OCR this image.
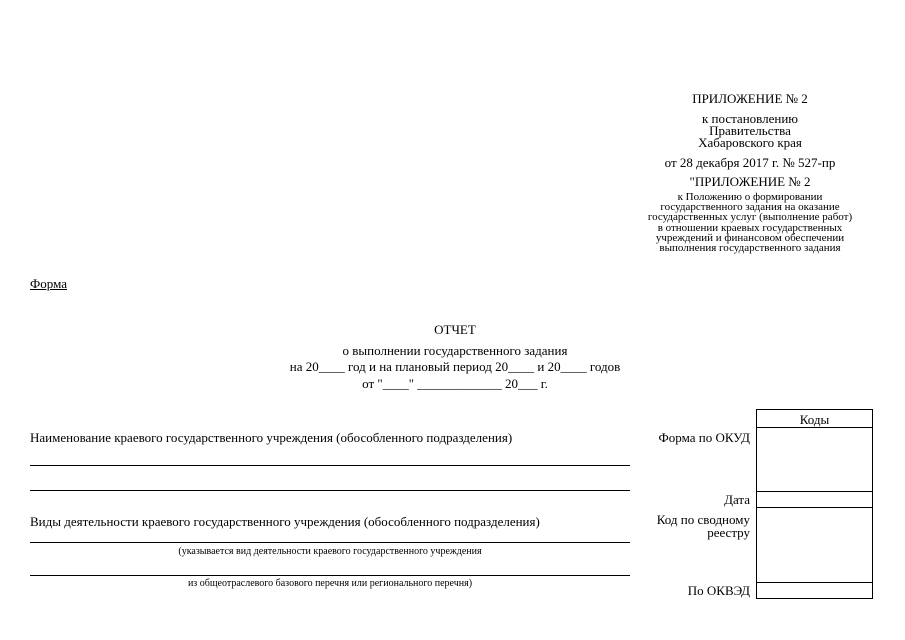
ПРИЛОЖЕНИЕ № 2
к постановлению
Правительства
Хабаровского края
от 28 декабря 2017 г. № 527-пр
"ПРИЛОЖЕНИЕ № 2
к Положению о формировании
государственного задания на оказание
государственных услуг (выполнение работ)
в отношении краевых государственных
учреждений и финансовом обеспечении
выполнения государственного задания
Форма
ОТЧЕТ
о выполнении государственного задания
на 20____ год и на плановый период 20____ и 20____ годов
от "____" _____________ 20___ г.
Наименование краевого государственного учреждения (обособленного подразделения)
Виды деятельности краевого государственного учреждения (обособленного подразделения)
(указывается вид деятельности краевого государственного учреждения
из общеотраслевого базового перечня или регионального перечня)
Форма по ОКУД
Дата
Код по сводному
реестру
По ОКВЭД
Коды
